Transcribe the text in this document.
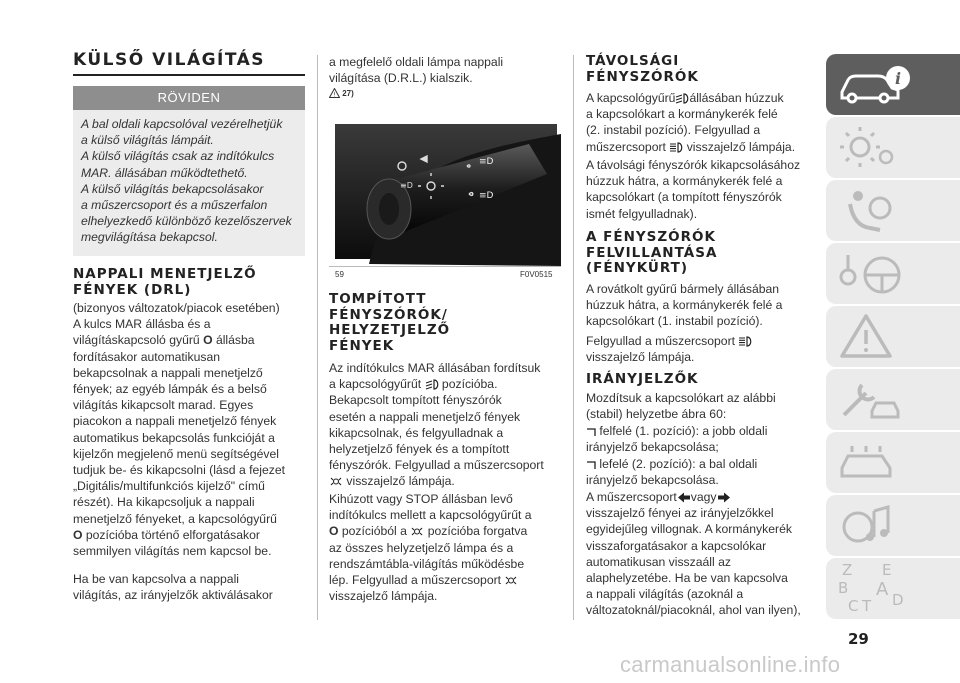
KÜLSŐ VILÁGÍTÁS
RÖVIDEN
A bal oldali kapcsolóval vezérelhetjük
a külső világítás lámpáit.
A külső világítás csak az indítókulcs
MAR. állásában működtethető.
A külső világítás bekapcsolásakor
a műszercsoport és a műszerfalon
elhelyezkedő különböző kezelőszervek
megvilágítása bekapcsol.
NAPPALI MENETJELZŐ
FÉNYEK (DRL)
(bizonyos változatok/piacok esetében)
A kulcs MAR állásba és a
világításkapcsoló gyűrű O állásba
fordításakor automatikusan
bekapcsolnak a nappali menetjelző
fények; az egyéb lámpák és a belső
világítás kikapcsolt marad. Egyes
piacokon a nappali menetjelző fények
automatikus bekapcsolás funkcióját a
kijelzőn megjelenő menü segítségével
tudjuk be- és kikapcsolni (lásd a fejezet
„Digitális/multifunkciós kijelző" című
részét). Ha kikapcsoljuk a nappali
menetjelző fényeket, a kapcsológyűrű
O pozícióba történő elforgatásakor
semmilyen világítás nem kapcsol be.
Ha be van kapcsolva a nappali
világítás, az irányjelzők aktiválásakor
a megfelelő oldali lámpa nappali
világítása (D.R.L.) kialszik.
! 27)
≡D
≡D
≡D
59	F0V0515
TOMPÍTOTT
FÉNYSZÓRÓK/
HELYZETJELZŐ
FÉNYEK
Az indítókulcs MAR állásában fordítsuk
a kapcsológyűrűt  pozícióba.
Bekapcsolt tompított fényszórók
esetén a nappali menetjelző fények
kikapcsolnak, és felgyulladnak a
helyzetjelző fények és a tompított
fényszórók. Felgyullad a műszercsoport
visszajelző lámpája.
Kihúzott vagy STOP állásban levő
indítókulcs mellett a kapcsológyűrűt a
O pozícióból a  pozícióba forgatva
az összes helyzetjelző lámpa és a
rendszámtábla-világítás működésbe
lép. Felgyullad a műszercsoport
visszajelző lámpája.
TÁVOLSÁGI
FÉNYSZÓRÓK
A kapcsológyűrű állásában húzzuk
a kapcsolókart a kormánykerék felé
(2. instabil pozíció). Felgyullad a
műszercsoport  visszajelző lámpája.
A távolsági fényszórók kikapcsolásához
húzzuk hátra, a kormánykerék felé a
kapcsolókart (a tompított fényszórók
ismét felgyulladnak).
A FÉNYSZÓRÓK
FELVILLANTÁSA
(FÉNYKÜRT)
A rovátkolt gyűrű bármely állásában
húzzuk hátra, a kormánykerék felé a
kapcsolókart (1. instabil pozíció).
Felgyullad a műszercsoport
visszajelző lámpája.
IRÁNYJELZŐK
Mozdítsuk a kapcsolókart az alábbi
(stabil) helyzetbe ábra 60:
felfelé (1. pozíció): a jobb oldali
irányjelző bekapcsolása;
lefelé (2. pozíció): a bal oldali
irányjelző bekapcsolása.
A műszercsoport vagy
visszajelző fényei az irányjelzőkkel
egyidejűleg villognak. A kormánykerék
visszaforgatásakor a kapcsolókar
automatikusan visszaáll az
alaphelyzetébe. Ha be van kapcsolva
a nappali világítás (azoknál a
változatoknál/piacoknál, ahol van ilyen),
i
Z E
B A
C T D
29
carmanualsonline.info
